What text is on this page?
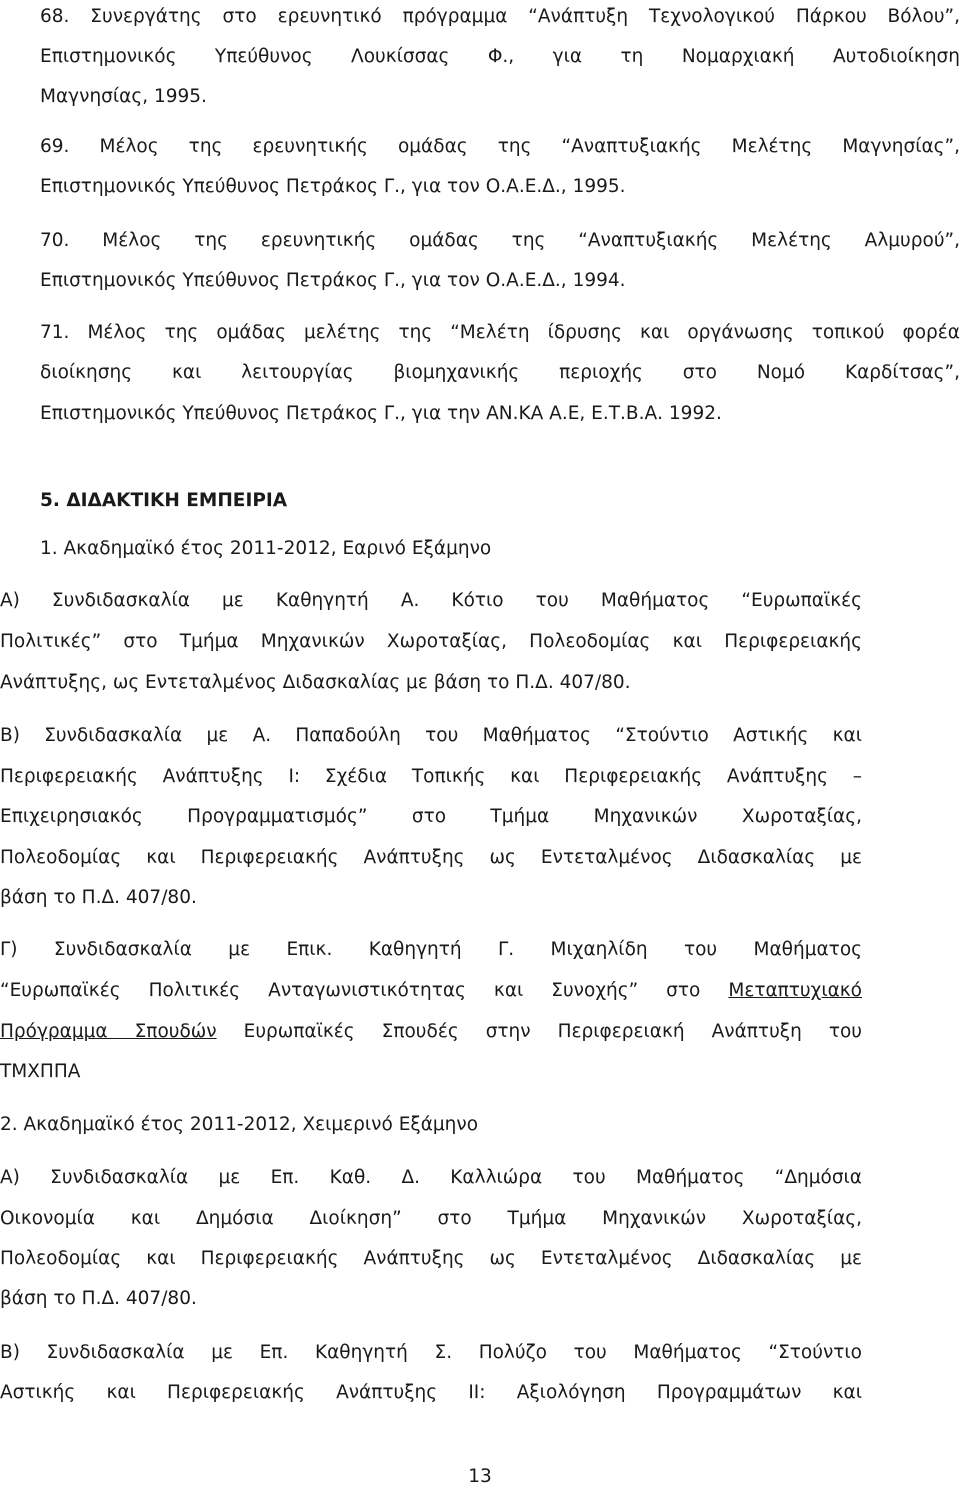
68. Συνεργάτης στο ερευνητικό πρόγραμμα “Ανάπτυξη Τεχνολογικού Πάρκου Βόλου”,
Επιστημονικός Υπεύθυνος Λουκίσσας Φ., για τη Νομαρχιακή Αυτοδιοίκηση
Μαγνησίας, 1995.
69. Μέλος της ερευνητικής ομάδας της “Αναπτυξιακής Μελέτης Μαγνησίας”,
Επιστημονικός Υπεύθυνος Πετράκος Γ., για τον Ο.Α.Ε.Δ., 1995.
70. Μέλος της ερευνητικής ομάδας της “Αναπτυξιακής Μελέτης Αλμυρού”,
Επιστημονικός Υπεύθυνος Πετράκος Γ., για τον Ο.Α.Ε.Δ., 1994.
71. Μέλος της ομάδας μελέτης της “Μελέτη ίδρυσης και οργάνωσης τοπικού φορέα
διοίκησης και λειτουργίας βιομηχανικής περιοχής στο Νομό Καρδίτσας”,
Επιστημονικός Υπεύθυνος Πετράκος Γ., για την ΑΝ.ΚΑ Α.Ε, Ε.Τ.Β.Α. 1992.
5. ΔΙΔΑΚΤΙΚΗ ΕΜΠΕΙΡΙΑ
1. Ακαδημαϊκό έτος 2011-2012, Εαρινό Εξάμηνο
Α) Συνδιδασκαλία με Καθηγητή Α. Κότιο του Μαθήματος “Ευρωπαϊκές
Πολιτικές” στο Τμήμα Μηχανικών Χωροταξίας, Πολεοδομίας και Περιφερειακής
Ανάπτυξης, ως Εντεταλμένος Διδασκαλίας με βάση το Π.Δ. 407/80.
Β) Συνδιδασκαλία με Α. Παπαδούλη του Μαθήματος “Στούντιο Αστικής και
Περιφερειακής Ανάπτυξης Ι: Σχέδια Τοπικής και Περιφερειακής Ανάπτυξης –
Επιχειρησιακός Προγραμματισμός” στο Τμήμα Μηχανικών Χωροταξίας,
Πολεοδομίας και Περιφερειακής Ανάπτυξης ως Εντεταλμένος Διδασκαλίας με
βάση το Π.Δ. 407/80.
Γ) Συνδιδασκαλία με Επικ. Καθηγητή Γ. Μιχαηλίδη του Μαθήματος
“Ευρωπαϊκές Πολιτικές Ανταγωνιστικότητας και Συνοχής” στο Μεταπτυχιακό
Πρόγραμμα Σπουδών Ευρωπαϊκές Σπουδές στην Περιφερειακή Ανάπτυξη του
ΤΜΧΠΠΑ
2. Ακαδημαϊκό έτος 2011-2012, Χειμερινό Εξάμηνο
Α) Συνδιδασκαλία με Επ. Καθ. Δ. Καλλιώρα του Μαθήματος “Δημόσια
Οικονομία και Δημόσια Διοίκηση” στο Τμήμα Μηχανικών Χωροταξίας,
Πολεοδομίας και Περιφερειακής Ανάπτυξης ως Εντεταλμένος Διδασκαλίας με
βάση το Π.Δ. 407/80.
Β) Συνδιδασκαλία με Επ. Καθηγητή Σ. Πολύζο του Μαθήματος “Στούντιο
Αστικής και Περιφερειακής Ανάπτυξης ΙΙ: Αξιολόγηση Προγραμμάτων και
13
